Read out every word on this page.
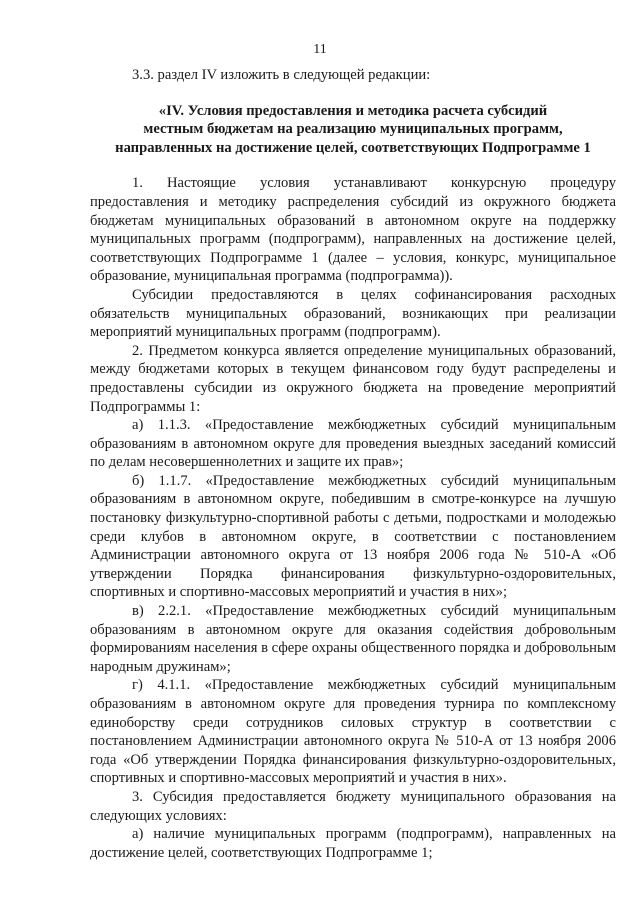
11

3.3. раздел IV изложить в следующей редакции:

«IV. Условия предоставления и методика расчета субсидий
местным бюджетам на реализацию муниципальных программ,
направленных на достижение целей, соответствующих Подпрограмме 1

1. Настоящие условия устанавливают конкурсную процедуру предоставления и методику распределения субсидий из окружного бюджета бюджетам муниципальных образований в автономном округе на поддержку муниципальных программ (подпрограмм), направленных на достижение целей, соответствующих Подпрограмме 1 (далее – условия, конкурс, муниципальное образование, муниципальная программа (подпрограмма)).

Субсидии предоставляются в целях софинансирования расходных обязательств муниципальных образований, возникающих при реализации мероприятий муниципальных программ (подпрограмм).

2. Предметом конкурса является определение муниципальных образований, между бюджетами которых в текущем финансовом году будут распределены и предоставлены субсидии из окружного бюджета на проведение мероприятий Подпрограммы 1:

а) 1.1.3. «Предоставление межбюджетных субсидий муниципальным образованиям в автономном округе для проведения выездных заседаний комиссий по делам несовершеннолетних и защите их прав»;

б) 1.1.7. «Предоставление межбюджетных субсидий муниципальным образованиям в автономном округе, победившим в смотре-конкурсе на лучшую постановку физкультурно-спортивной работы с детьми, подростками и молодежью среди клубов в автономном округе, в соответствии с постановлением Администрации автономного округа от 13 ноября 2006 года № 510-А «Об утверждении Порядка финансирования физкультурно-оздоровительных, спортивных и спортивно-массовых мероприятий и участия в них»;

в) 2.2.1. «Предоставление межбюджетных субсидий муниципальным образованиям в автономном округе для оказания содействия добровольным формированиям населения в сфере охраны общественного порядка и добровольным народным дружинам»;

г) 4.1.1. «Предоставление межбюджетных субсидий муниципальным образованиям в автономном округе для проведения турнира по комплексному единоборству среди сотрудников силовых структур в соответствии с постановлением Администрации автономного округа № 510-А от 13 ноября 2006 года «Об утверждении Порядка финансирования физкультурно-оздоровительных, спортивных и спортивно-массовых мероприятий и участия в них».

3. Субсидия предоставляется бюджету муниципального образования на следующих условиях:

а) наличие муниципальных программ (подпрограмм), направленных на достижение целей, соответствующих Подпрограмме 1;
